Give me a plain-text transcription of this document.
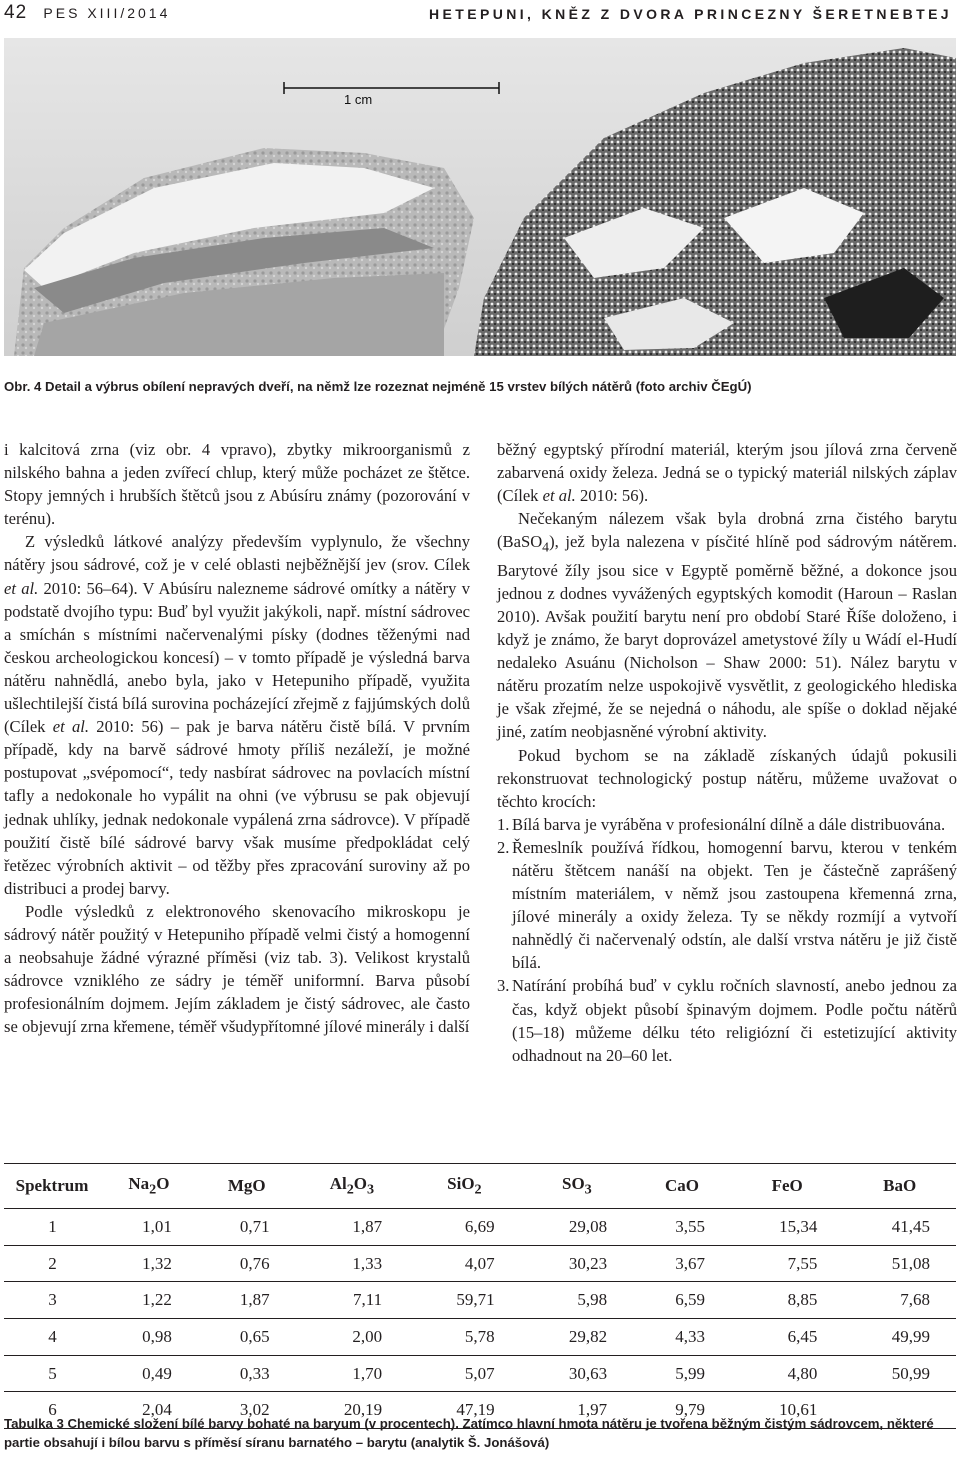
42 PES XIII/2014	HETEPUNI, KNĚZ Z DVORA PRINCEZNY ŠERETNEBTEJ
1 cm
Obr. 4 Detail a výbrus obílení nepravých dveří, na němž lze rozeznat nejméně 15 vrstev bílých nátěrů (foto archiv ČEgÚ)

i kalcitová zrna (viz obr. 4 vpravo), zbytky mikroorganismů z nilského bahna a jeden zvířecí chlup, který může pocházet ze štětce. Stopy jemných i hrubších štětců jsou z Abúsíru známy (pozorování v terénu).

Z výsledků látkové analýzy především vyplynulo, že všechny nátěry jsou sádrové, což je v celé oblasti nejběžnější jev (srov. Cílek et al. 2010: 56–64). V Abúsíru nalezneme sádrové omítky a nátěry v podstatě dvojího typu: Buď byl využit jakýkoli, např. místní sádrovec a smíchán s místními načervenalými písky (dodnes těženými nad českou archeologickou koncesí) – v tomto případě je výsledná barva nátěru nahnědlá, anebo byla, jako v Hetepuniho případě, využita ušlechtilejší čistá bílá surovina pocházející zřejmě z fajjúmských dolů (Cílek et al. 2010: 56) – pak je barva nátěru čistě bílá. V prvním případě, kdy na barvě sádrové hmoty příliš nezáleží, je možné postupovat „svépomocí“, tedy nasbírat sádrovec na povlacích místní tafly a nedokonale ho vypálit na ohni (ve výbrusu se pak objevují jednak uhlíky, jednak nedokonale vypálená zrna sádrovce). V případě použití čistě bílé sádrové barvy však musíme předpokládat celý řetězec výrobních aktivit – od těžby přes zpracování suroviny až po distribuci a prodej barvy.

Podle výsledků z elektronového skenovacího mikroskopu je sádrový nátěr použitý v Hetepuniho případě velmi čistý a homogenní a neobsahuje žádné výrazné příměsi (viz tab. 3). Velikost krystalů sádrovce vzniklého ze sádry je téměř uniformní. Barva působí profesionálním dojmem. Jejím základem je čistý sádrovec, ale často se objevují zrna křemene, téměř všudypřítomné jílové minerály i další

běžný egyptský přírodní materiál, kterým jsou jílová zrna červeně zabarvená oxidy železa. Jedná se o typický materiál nilských záplav (Cílek et al. 2010: 56).

Nečekaným nálezem však byla drobná zrna čistého barytu (BaSO$_4$), jež byla nalezena v písčité hlíně pod sádrovým nátěrem. Barytové žíly jsou sice v Egyptě poměrně běžné, a dokonce jsou jednou z dodnes vyvážených egyptských komodit (Haroun – Raslan 2010). Avšak použití barytu není pro období Staré Říše doloženo, i když je známo, že baryt doprovázel ametystové žíly u Wádí el-Hudí nedaleko Asuánu (Nicholson – Shaw 2000: 51). Nález barytu v nátěru prozatím nelze uspokojivě vysvětlit, z geologického hlediska je však zřejmé, že se nejedná o náhodu, ale spíše o doklad nějaké jiné, zatím neobjasněné výrobní aktivity.

Pokud bychom se na základě získaných údajů pokusili rekonstruovat technologický postup nátěru, můžeme uvažovat o těchto krocích:

1. Bílá barva je vyráběna v profesionální dílně a dále distribuována.
2. Řemeslník používá řídkou, homogenní barvu, kterou v tenkém nátěru štětcem nanáší na objekt. Ten je částečně zaprášený místním materiálem, v němž jsou zastoupena křemenná zrna, jílové minerály a oxidy železa. Ty se někdy rozmíjí a vytvoří nahnědlý či načervenalý odstín, ale další vrstva nátěru je již čistě bílá.
3. Natírání probíhá buď v cyklu ročních slavností, anebo jednou za čas, když objekt působí špinavým dojmem. Podle počtu nátěrů (15–18) můžeme délku této religiózní či estetizující aktivity odhadnout na 20–60 let.
Spektrum	$Na_2O$	MgO	$Al_2O_3$	SiO$_2$	$SO_3$	CaO	FeO	BaO
1	1,01	0,71	1,87	6,69	29,08	3,55	15,34	41,45
2	1,32	0,76	1,33	4,07	30,23	3,67	7,55	51,08
3	1,22	1,87	7,11	59,71	5,98	6,59	8,85	7,68
4	0,98	0,65	2,00	5,78	29,82	4,33	6,45	49,99
5	0,49	0,33	1,70	5,07	30,63	5,99	4,80	50,99
6	2,04	3,02	20,19	47,19	1,97	9,79	10,61	
Tabulka 3 Chemické složení bílé barvy bohaté na baryum (v procentech). Zatímco hlavní hmota nátěru je tvořena běžným čistým sádrovcem, některé partie obsahují i bílou barvu s příměsí síranu barnatého – barytu (analytik Š. Jonášová)
